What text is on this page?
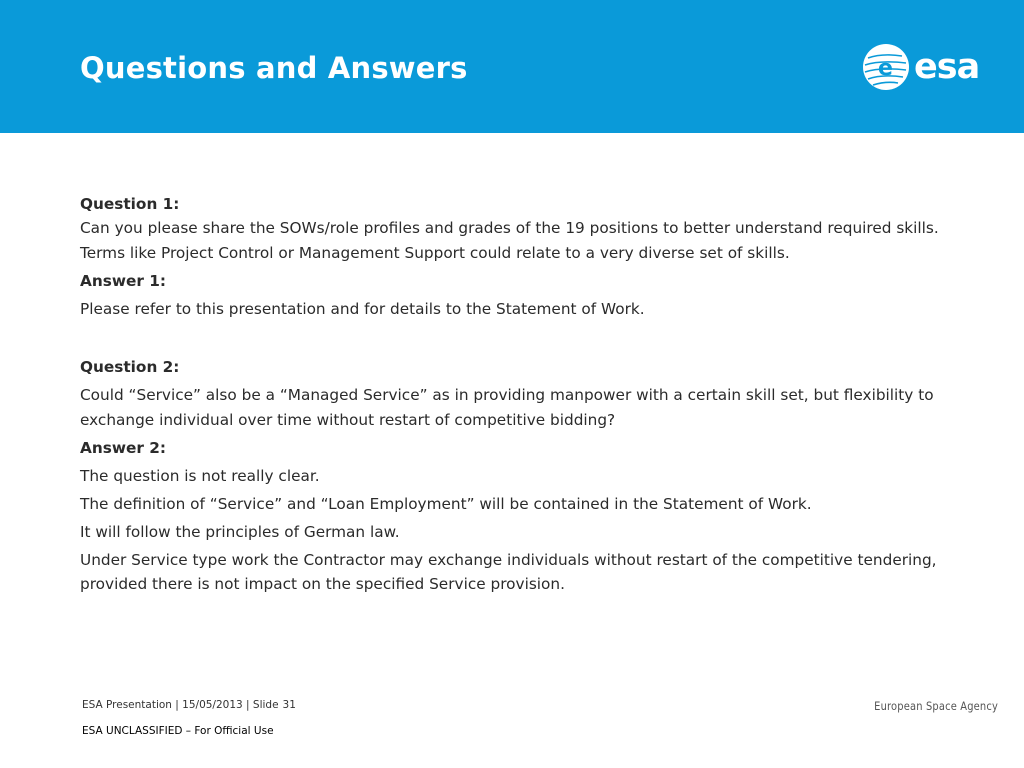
Questions and Answers	e esa

Question 1:

Can you please share the SOWs/role profiles and grades of the 19 positions to better understand required skills. Terms like Project Control or Management Support could relate to a very diverse set of skills.

Answer 1:

Please refer to this presentation and for details to the Statement of Work.

Question 2:

Could “Service” also be a “Managed Service” as in providing manpower with a certain skill set, but flexibility to exchange individual over time without restart of competitive bidding?

Answer 2:

The question is not really clear.

The definition of “Service” and “Loan Employment” will be contained in the Statement of Work.

It will follow the principles of German law.

Under Service type work the Contractor may exchange individuals without restart of the competitive tendering, provided there is not impact on the specified Service provision.

ESA Presentation | 15/05/2013 | Slide 31
ESA UNCLASSIFIED – For Official Use
European Space Agency
